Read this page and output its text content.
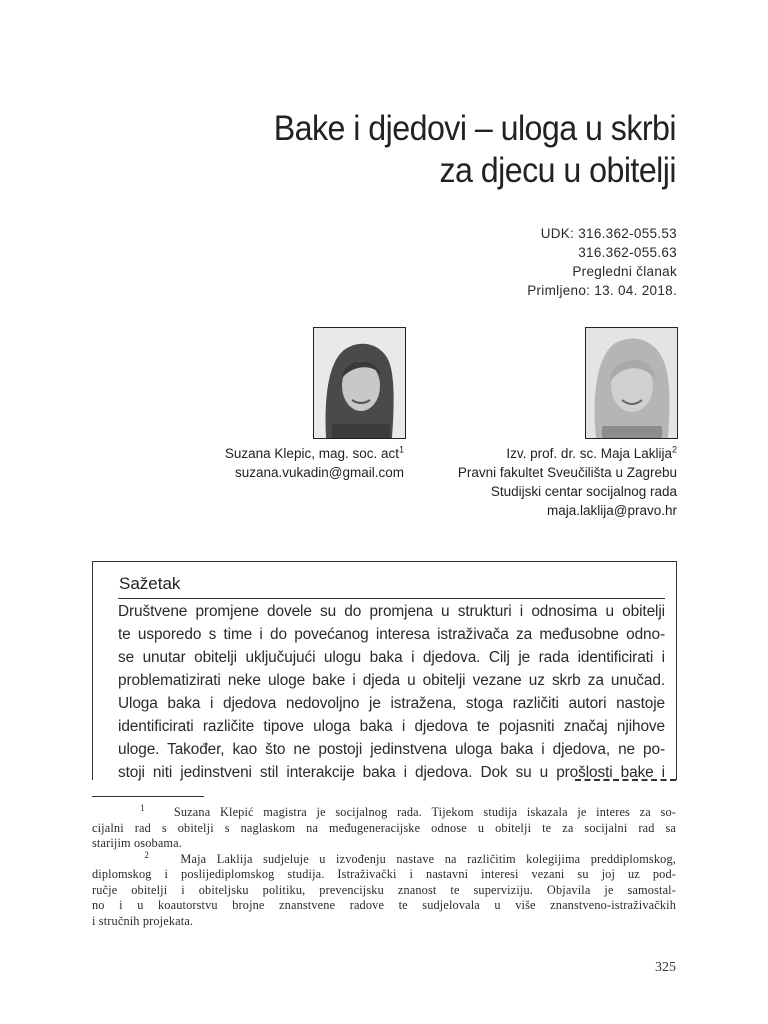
Bake i djedovi – uloga u skrbi
za djecu u obitelji
UDK: 316.362-055.53
316.362-055.63
Pregledni članak
Primljeno: 13. 04. 2018.
Suzana Klepic, mag. soc. act$^1$
suzana.vukadin@gmail.com
Izv. prof. dr. sc. Maja Laklija$^2$
Pravni fakultet Sveučilišta u Zagrebu
Studijski centar socijalnog rada
maja.laklija@pravo.hr
Sažetak
Društvene promjene dovele su do promjena u strukturi i odnosima u obitelji
te usporedo s time i do povećanog interesa istraživača za međusobne odno-
se unutar obitelji uključujući ulogu baka i djedova. Cilj je rada identificirati i
problematizirati neke uloge bake i djeda u obitelji vezane uz skrb za unučad.
Uloga baka i djedova nedovoljno je istražena, stoga različiti autori nastoje
identificirati različite tipove uloga baka i djedova te pojasniti značaj njihove
uloge. Također, kao što ne postoji jedinstvena uloga baka i djedova, ne po-
stoji niti jedinstveni stil interakcije baka i djedova. Dok su u prošlosti bake i
$^1$ Suzana Klepić magistra je socijalnog rada. Tijekom studija iskazala je interes za so-
cijalni rad s obitelji s naglaskom na međugeneracijske odnose u obitelji te za socijalni rad sa
starijim osobama.
$^2$	Maja Laklija sudjeluje u izvođenju nastave na različitim kolegijima preddiplomskog,
diplomskog i poslijediplomskog studija. Istraživački i nastavni interesi vezani su joj uz pod-
ručje obitelji i obiteljsku politiku, prevencijsku znanost te superviziju. Objavila je samostal-
no i u koautorstvu brojne znanstvene radove te sudjelovala u više znanstveno-istraživačkih
i stručnih projekata.
325
